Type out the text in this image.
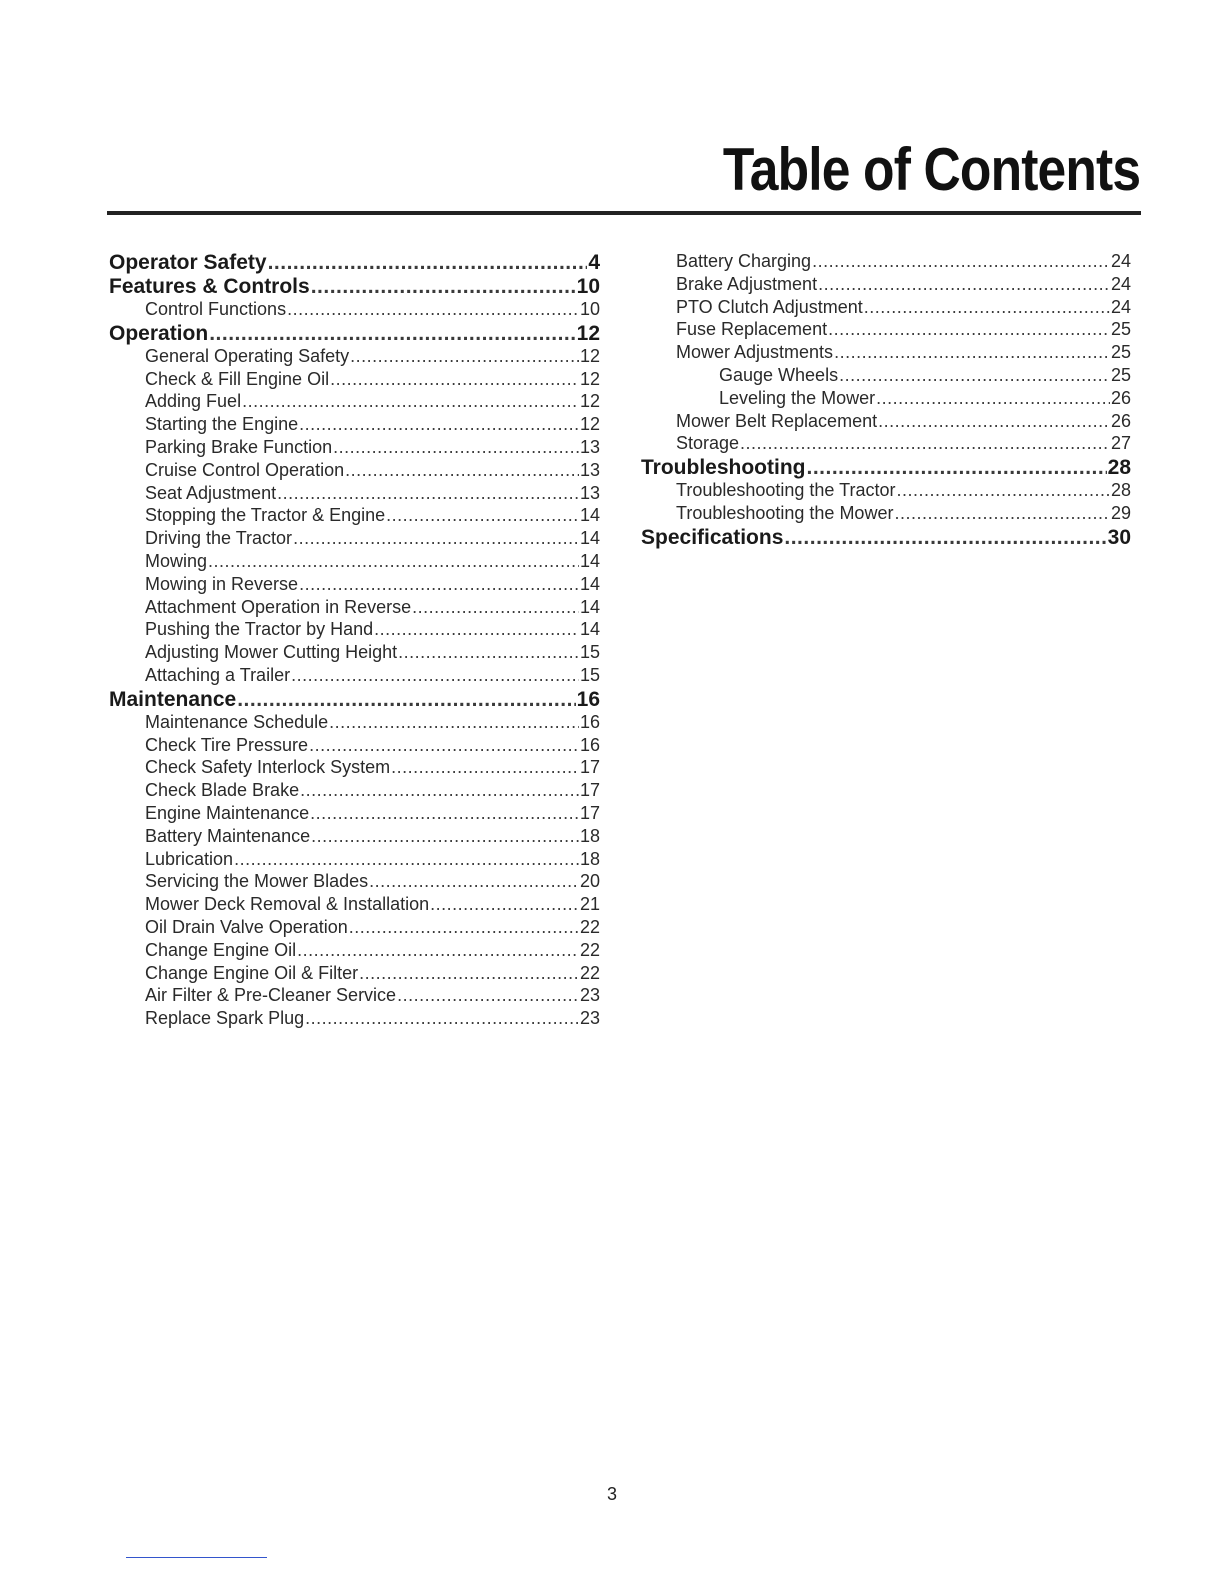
Table of Contents
Operator Safety .....	4
Features & Controls .....	10
Control Functions .....	10
Operation .....	12
General Operating Safety .....	12
Check & Fill Engine Oil .....	12
Adding Fuel .....	12
Starting the Engine .....	12
Parking Brake Function .....	13
Cruise Control Operation .....	13
Seat Adjustment .....	13
Stopping the Tractor & Engine .....	14
Driving the Tractor .....	14
Mowing .....	14
Mowing in Reverse .....	14
Attachment Operation in Reverse .....	14
Pushing the Tractor by Hand .....	14
Adjusting Mower Cutting Height .....	15
Attaching a Trailer .....	15
Maintenance .....	16
Maintenance Schedule .....	16
Check Tire Pressure .....	16
Check Safety Interlock System .....	17
Check Blade Brake .....	17
Engine Maintenance .....	17
Battery Maintenance .....	18
Lubrication .....	18
Servicing the Mower Blades .....	20
Mower Deck Removal & Installation .....	21
Oil Drain Valve Operation .....	22
Change Engine Oil .....	22
Change Engine Oil & Filter .....	22
Air Filter & Pre-Cleaner Service .....	23
Replace Spark Plug .....	23
Battery Charging .....	24
Brake Adjustment .....	24
PTO Clutch Adjustment .....	24
Fuse Replacement .....	25
Mower Adjustments .....	25
Gauge Wheels .....	25
Leveling the Mower .....	26
Mower Belt Replacement .....	26
Storage .....	27
Troubleshooting .....	28
Troubleshooting the Tractor .....	28
Troubleshooting the Mower .....	29
Specifications .....	30
3
